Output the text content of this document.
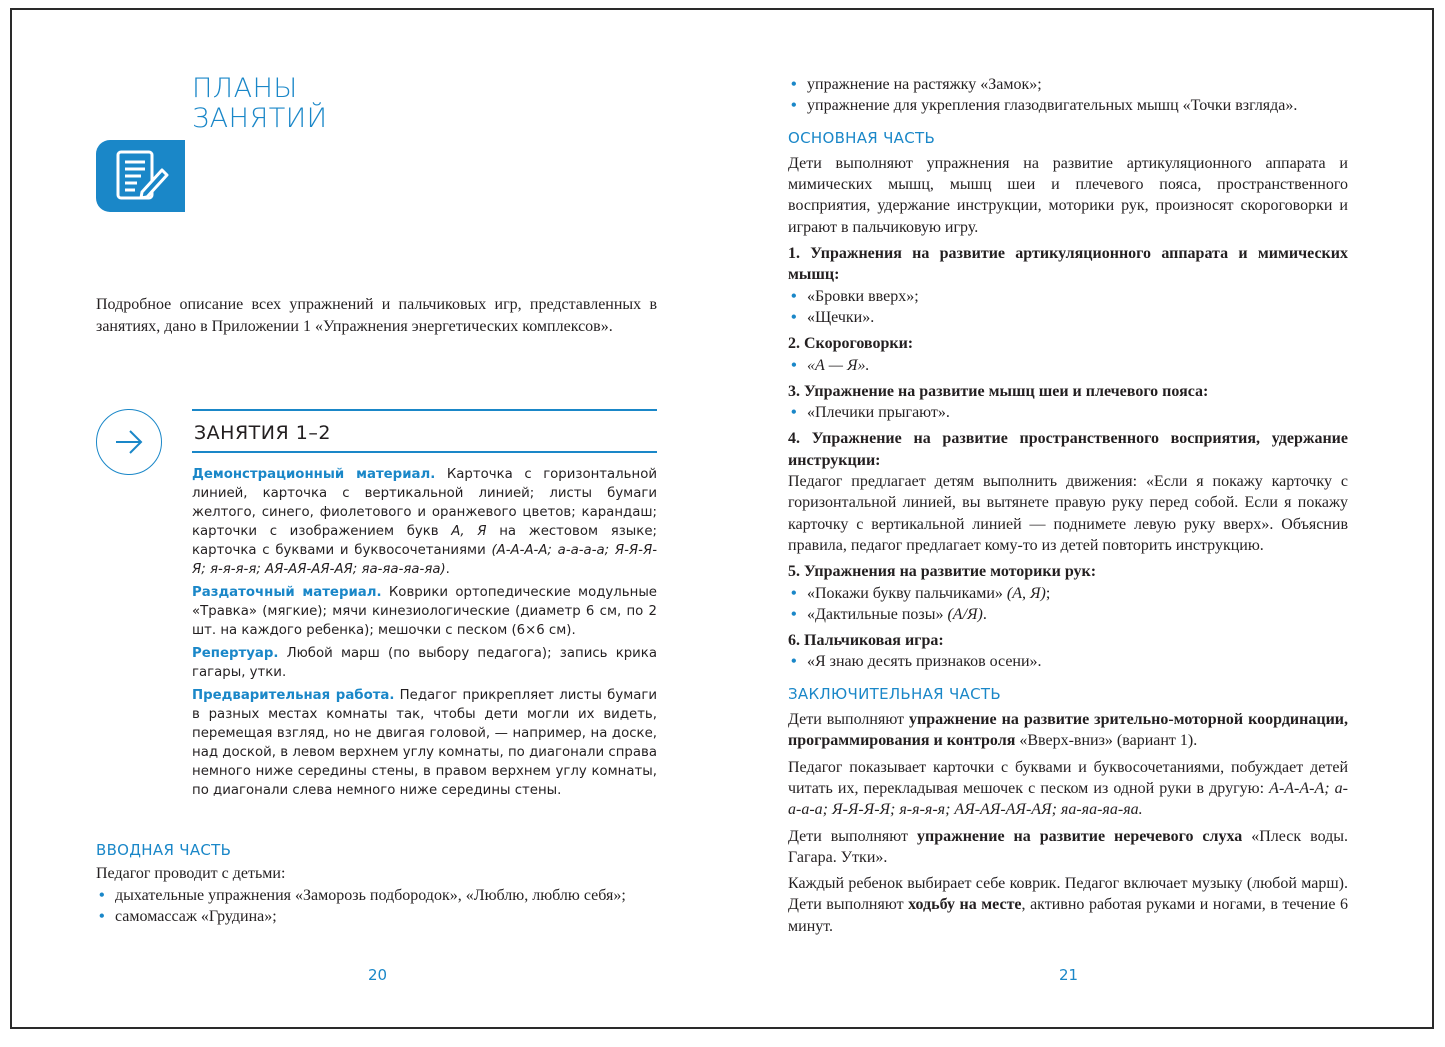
ПЛАНЫ
ЗАНЯТИЙ
Подробное описание всех упражнений и пальчиковых игр, представленных в занятиях, дано в Приложении 1 «Упражнения энергетических комплексов».
ЗАНЯТИЯ 1–2

Демонстрационный материал. Карточка с горизонтальной линией, карточка с вертикальной линией; листы бумаги желтого, синего, фиолетового и оранжевого цветов; карандаш; карточки с изображением букв А, Я на жестовом языке; карточка с буквами и буквосочетаниями (А-А-А-А; а-а-а-а; Я-Я-Я-Я; я-я-я-я; АЯ-АЯ-АЯ-АЯ; яа-яа-яа-яа).

Раздаточный материал. Коврики ортопедические модульные «Травка» (мягкие); мячи кинезиологические (диаметр 6 см, по 2 шт. на каждого ребенка); мешочки с песком (6×6 см).

Репертуар. Любой марш (по выбору педагога); запись крика гагары, утки.

Предварительная работа. Педагог прикрепляет листы бумаги в разных местах комнаты так, чтобы дети могли их видеть, перемещая взгляд, но не двигая головой, — например, на доске, над доской, в левом верхнем углу комнаты, по диагонали справа немного ниже середины стены, в правом верхнем углу комнаты, по диагонали слева немного ниже середины стены.

ВВОДНАЯ ЧАСТЬ

Педагог проводит с детьми:

• дыхательные упражнения «Заморозь подбородок», «Люблю, люблю себя»;
• самомассаж «Грудина»;
20
• упражнение на растяжку «Замок»;
• упражнение для укрепления глазодвигательных мышц «Точки взгляда».
ОСНОВНАЯ ЧАСТЬ

Дети выполняют упражнения на развитие артикуляционного аппарата и мимических мышц, мышц шеи и плечевого пояса, пространственного восприятия, удержание инструкции, моторики рук, произносят скороговорки и играют в пальчиковую игру.

1. Упражнения на развитие артикуляционного аппарата и мимических мышц:

• «Бровки вверх»;
• «Щечки».

2. Скороговорки:

• «А — Я».

3. Упражнение на развитие мышц шеи и плечевого пояса:

• «Плечики прыгают».

4. Упражнение на развитие пространственного восприятия, удержание инструкции:

Педагог предлагает детям выполнить движения: «Если я покажу карточку с горизонтальной линией, вы вытянете правую руку перед собой. Если я покажу карточку с вертикальной линией — поднимете левую руку вверх». Объяснив правила, педагог предлагает кому-то из детей повторить инструкцию.

5. Упражнения на развитие моторики рук:

• «Покажи букву пальчиками» (А, Я);
• «Дактильные позы» (А/Я).

6. Пальчиковая игра:

• «Я знаю десять признаков осени».
ЗАКЛЮЧИТЕЛЬНАЯ ЧАСТЬ

Дети выполняют упражнение на развитие зрительно-моторной координации, программирования и контроля «Вверх-вниз» (вариант 1).

Педагог показывает карточки с буквами и буквосочетаниями, побуждает детей читать их, перекладывая мешочек с песком из одной руки в другую: А-А-А-А; а-а-а-а; Я-Я-Я-Я; я-я-я-я; АЯ-АЯ-АЯ-АЯ; яа-яа-яа-яа.

Дети выполняют упражнение на развитие неречевого слуха «Плеск воды. Гагара. Утки».

Каждый ребенок выбирает себе коврик. Педагог включает музыку (любой марш). Дети выполняют ходьбу на месте, активно работая руками и ногами, в течение 6 минут.

21
